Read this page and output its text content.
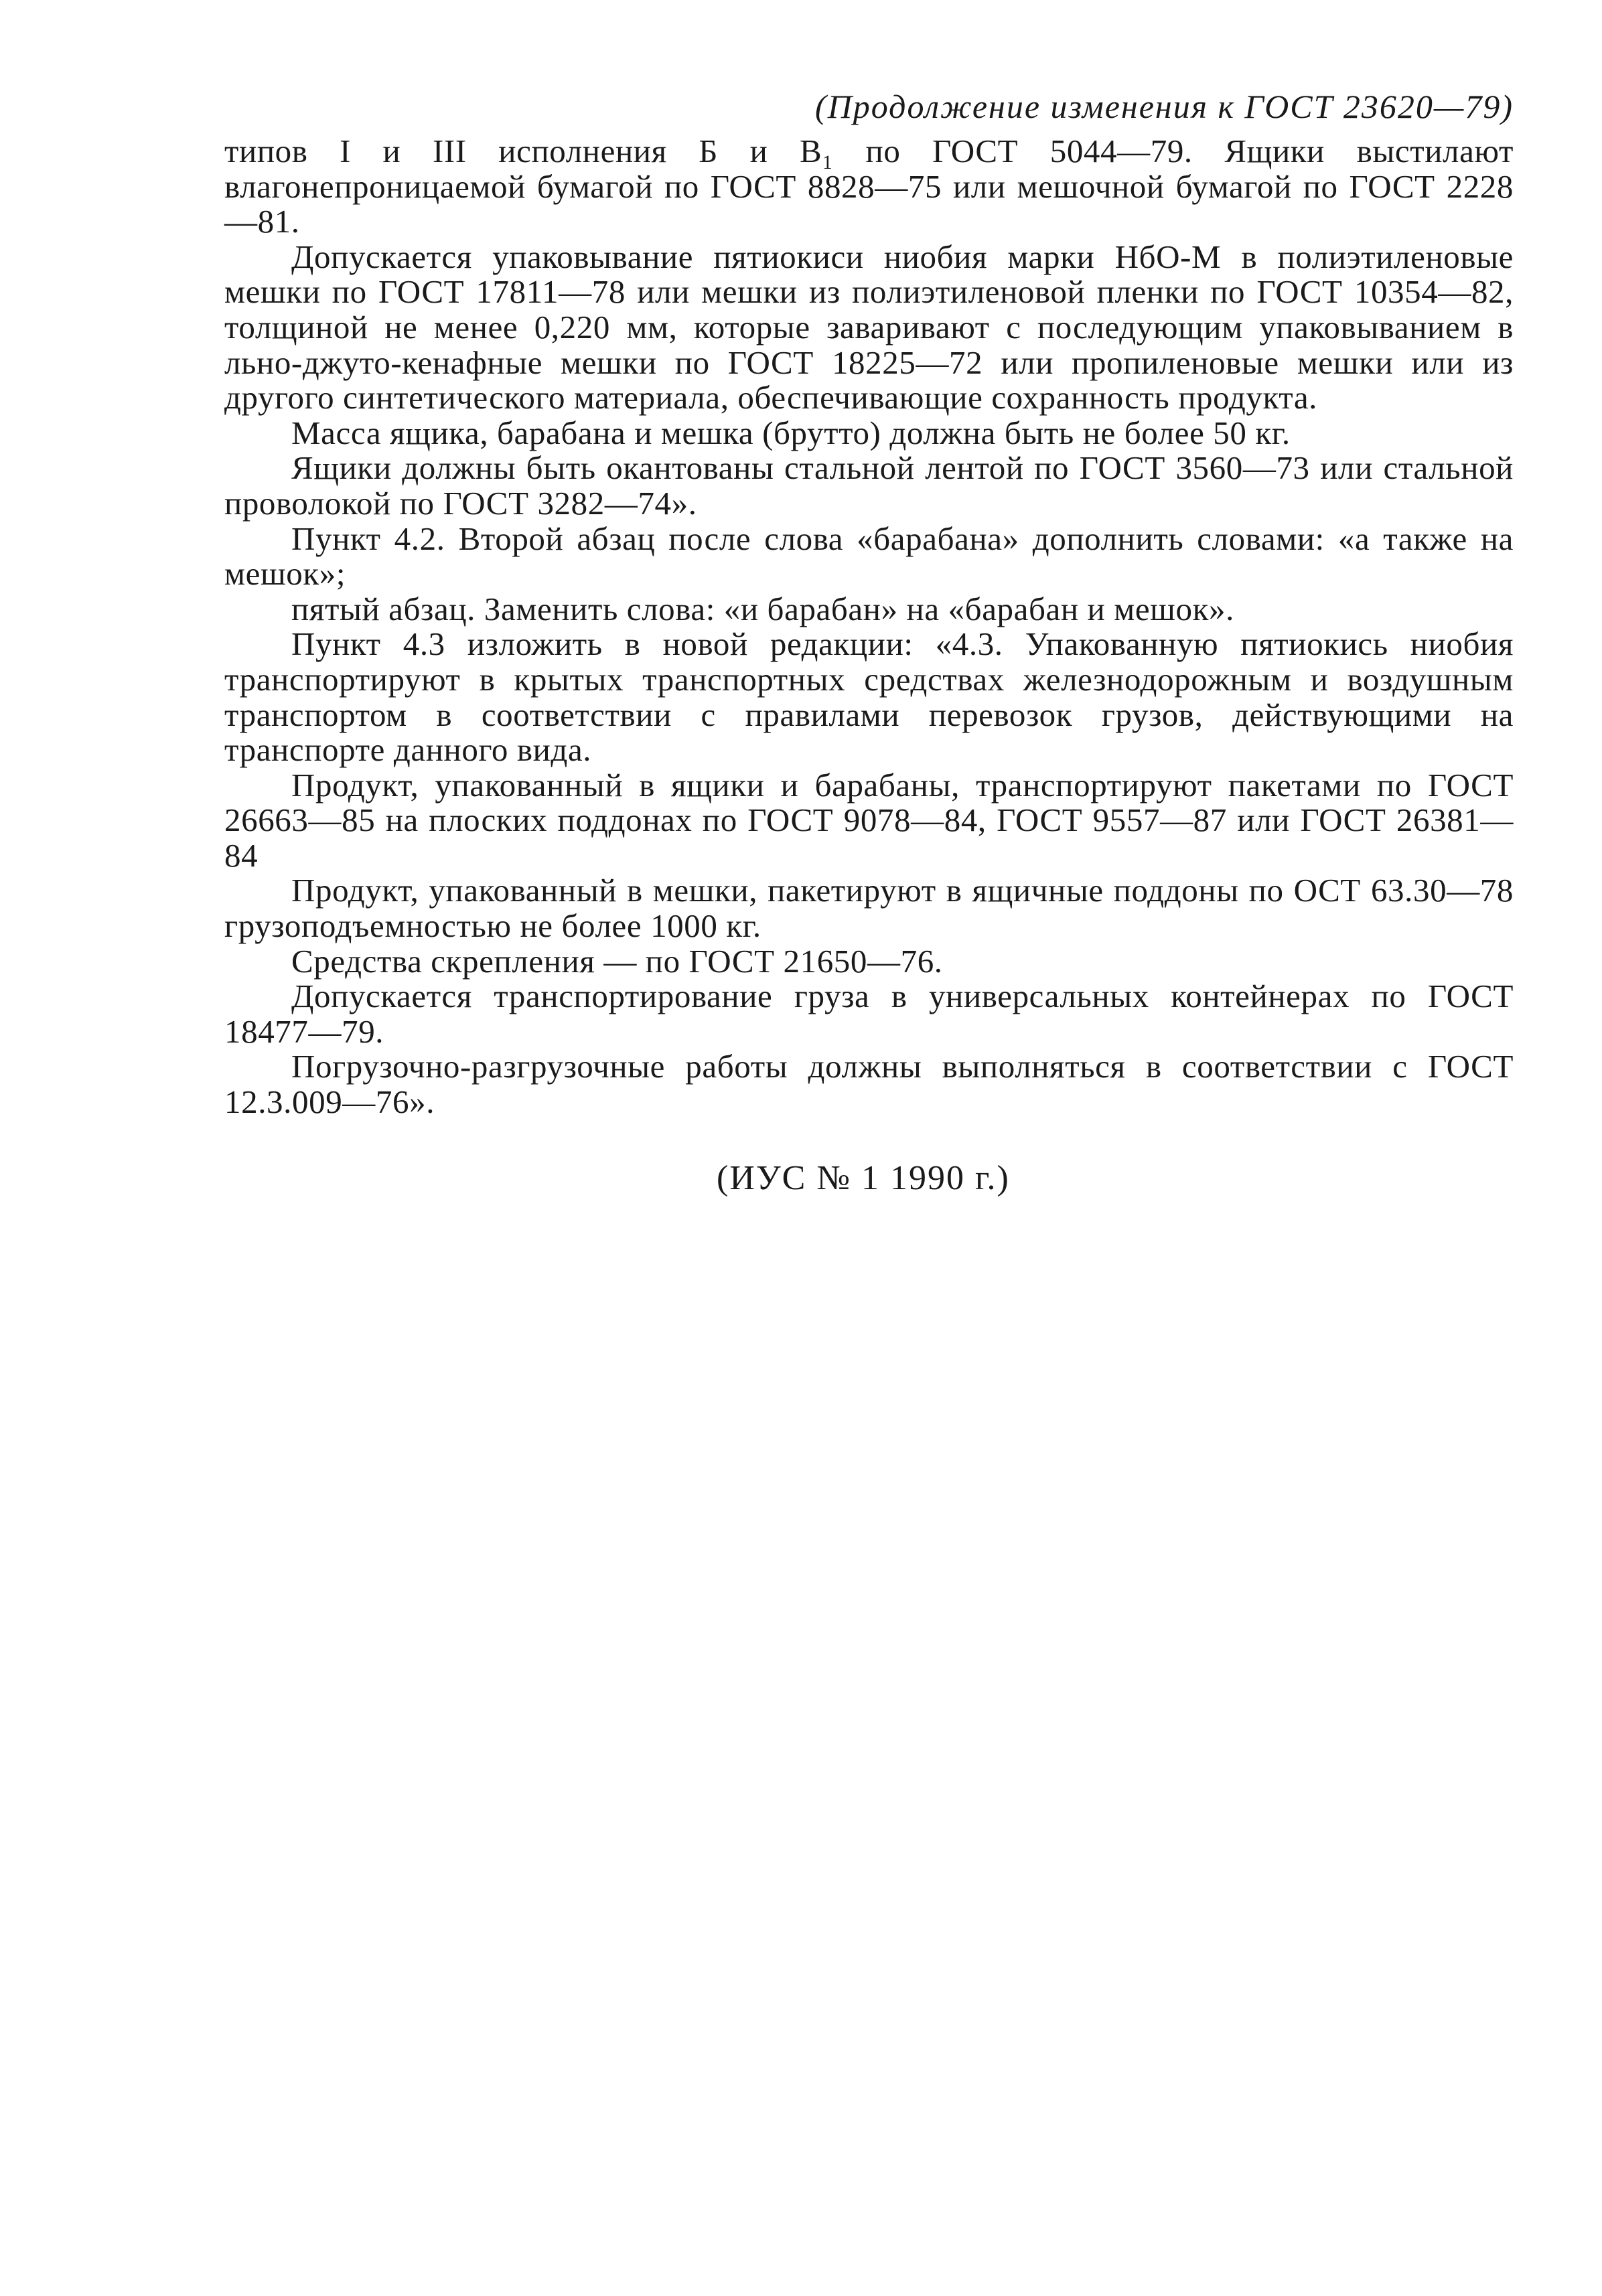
(Продолжение изменения к ГОСТ 23620—79)

типов I и III исполнения Б и В₁ по ГОСТ 5044—79. Ящики выстилают влагонепроницаемой бумагой по ГОСТ 8828—75 или мешочной бумагой по ГОСТ 2228—81.

Допускается упаковывание пятиокиси ниобия марки НбО-М в полиэтиленовые мешки по ГОСТ 17811—78 или мешки из полиэтиленовой пленки по ГОСТ 10354—82, толщиной не менее 0,220 мм, которые заваривают с последующим упаковыванием в льно-джуто-кенафные мешки по ГОСТ 18225—72 или пропиленовые мешки или из другого синтетического материала, обеспечивающие сохранность продукта.

Масса ящика, барабана и мешка (брутто) должна быть не более 50 кг.

Ящики должны быть окантованы стальной лентой по ГОСТ 3560—73 или стальной проволокой по ГОСТ 3282—74».

Пункт 4.2. Второй абзац после слова «барабана» дополнить словами: «а также на мешок»;

пятый абзац. Заменить слова: «и барабан» на «барабан и мешок».

Пункт 4.3 изложить в новой редакции: «4.3. Упакованную пятиокись ниобия транспортируют в крытых транспортных средствах железнодорожным и воздушным транспортом в соответствии с правилами перевозок грузов, действующими на транспорте данного вида.

Продукт, упакованный в ящики и барабаны, транспортируют пакетами по ГОСТ 26663—85 на плоских поддонах по ГОСТ 9078—84, ГОСТ 9557—87 или ГОСТ 26381—84

Продукт, упакованный в мешки, пакетируют в ящичные поддоны по ОСТ 63.30—78 грузоподъемностью не более 1000 кг.

Средства скрепления — по ГОСТ 21650—76.

Допускается транспортирование груза в универсальных контейнерах по ГОСТ 18477—79.

Погрузочно-разгрузочные работы должны выполняться в соответствии с ГОСТ 12.3.009—76».

(ИУС № 1 1990 г.)
